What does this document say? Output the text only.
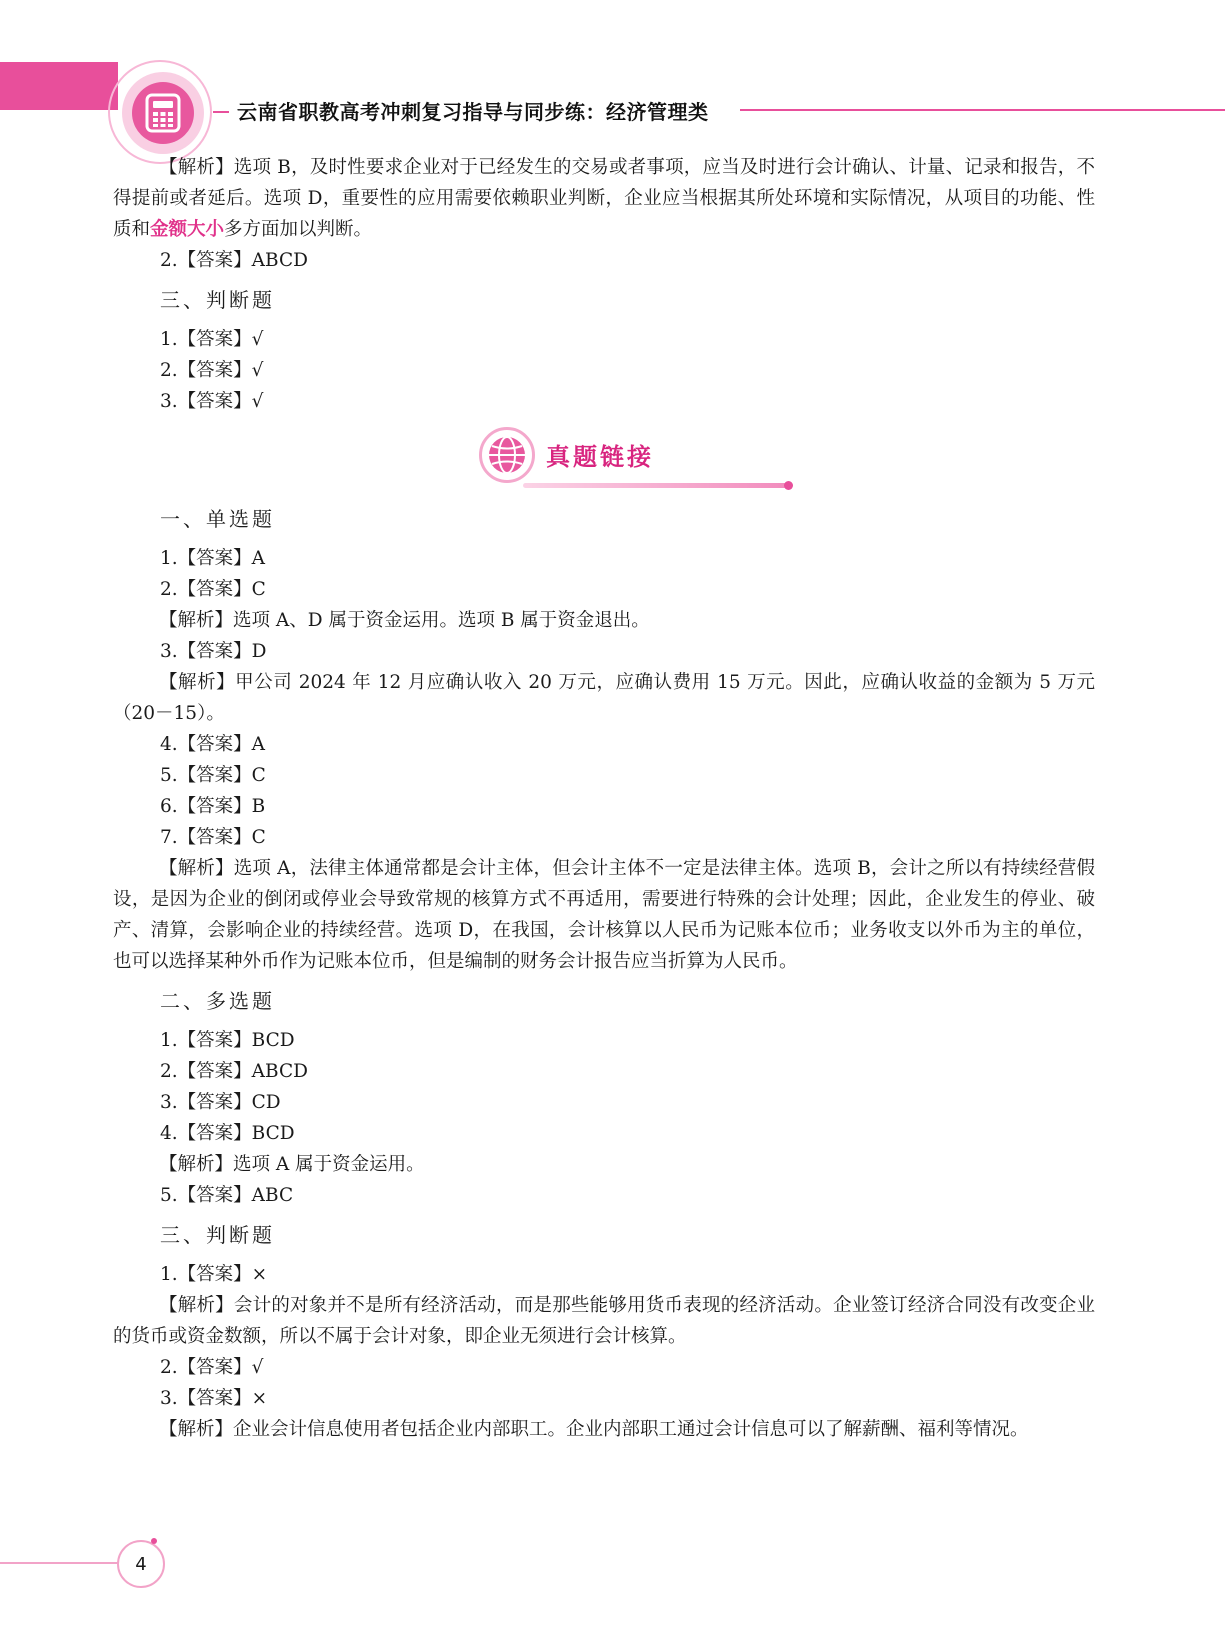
云南省职教高考冲刺复习指导与同步练：经济管理类

【解析】选项 B，及时性要求企业对于已经发生的交易或者事项，应当及时进行会计确认、计量、记录和报告，不得提前或者延后。选项 D，重要性的应用需要依赖职业判断，企业应当根据其所处环境和实际情况，从项目的功能、性质和金额大小多方面加以判断。

2.【答案】ABCD

三、判断题

1.【答案】√

2.【答案】√

3.【答案】√

真题链接
一、单选题

1.【答案】A

2.【答案】C

【解析】选项 A、D 属于资金运用。选项 B 属于资金退出。

3.【答案】D

【解析】甲公司 2024 年 12 月应确认收入 20 万元，应确认费用 15 万元。因此，应确认收益的金额为 5 万元（20－15）。

4.【答案】A

5.【答案】C

6.【答案】B

7.【答案】C

【解析】选项 A，法律主体通常都是会计主体，但会计主体不一定是法律主体。选项 B，会计之所以有持续经营假设，是因为企业的倒闭或停业会导致常规的核算方式不再适用，需要进行特殊的会计处理；因此，企业发生的停业、破产、清算，会影响企业的持续经营。选项 D，在我国，会计核算以人民币为记账本位币；业务收支以外币为主的单位，也可以选择某种外币作为记账本位币，但是编制的财务会计报告应当折算为人民币。

二、多选题

1.【答案】BCD

2.【答案】ABCD

3.【答案】CD

4.【答案】BCD

【解析】选项 A 属于资金运用。

5.【答案】ABC

三、判断题

1.【答案】×

【解析】会计的对象并不是所有经济活动，而是那些能够用货币表现的经济活动。企业签订经济合同没有改变企业的货币或资金数额，所以不属于会计对象，即企业无须进行会计核算。

2.【答案】√

3.【答案】×

【解析】企业会计信息使用者包括企业内部职工。企业内部职工通过会计信息可以了解薪酬、福利等情况。

4
